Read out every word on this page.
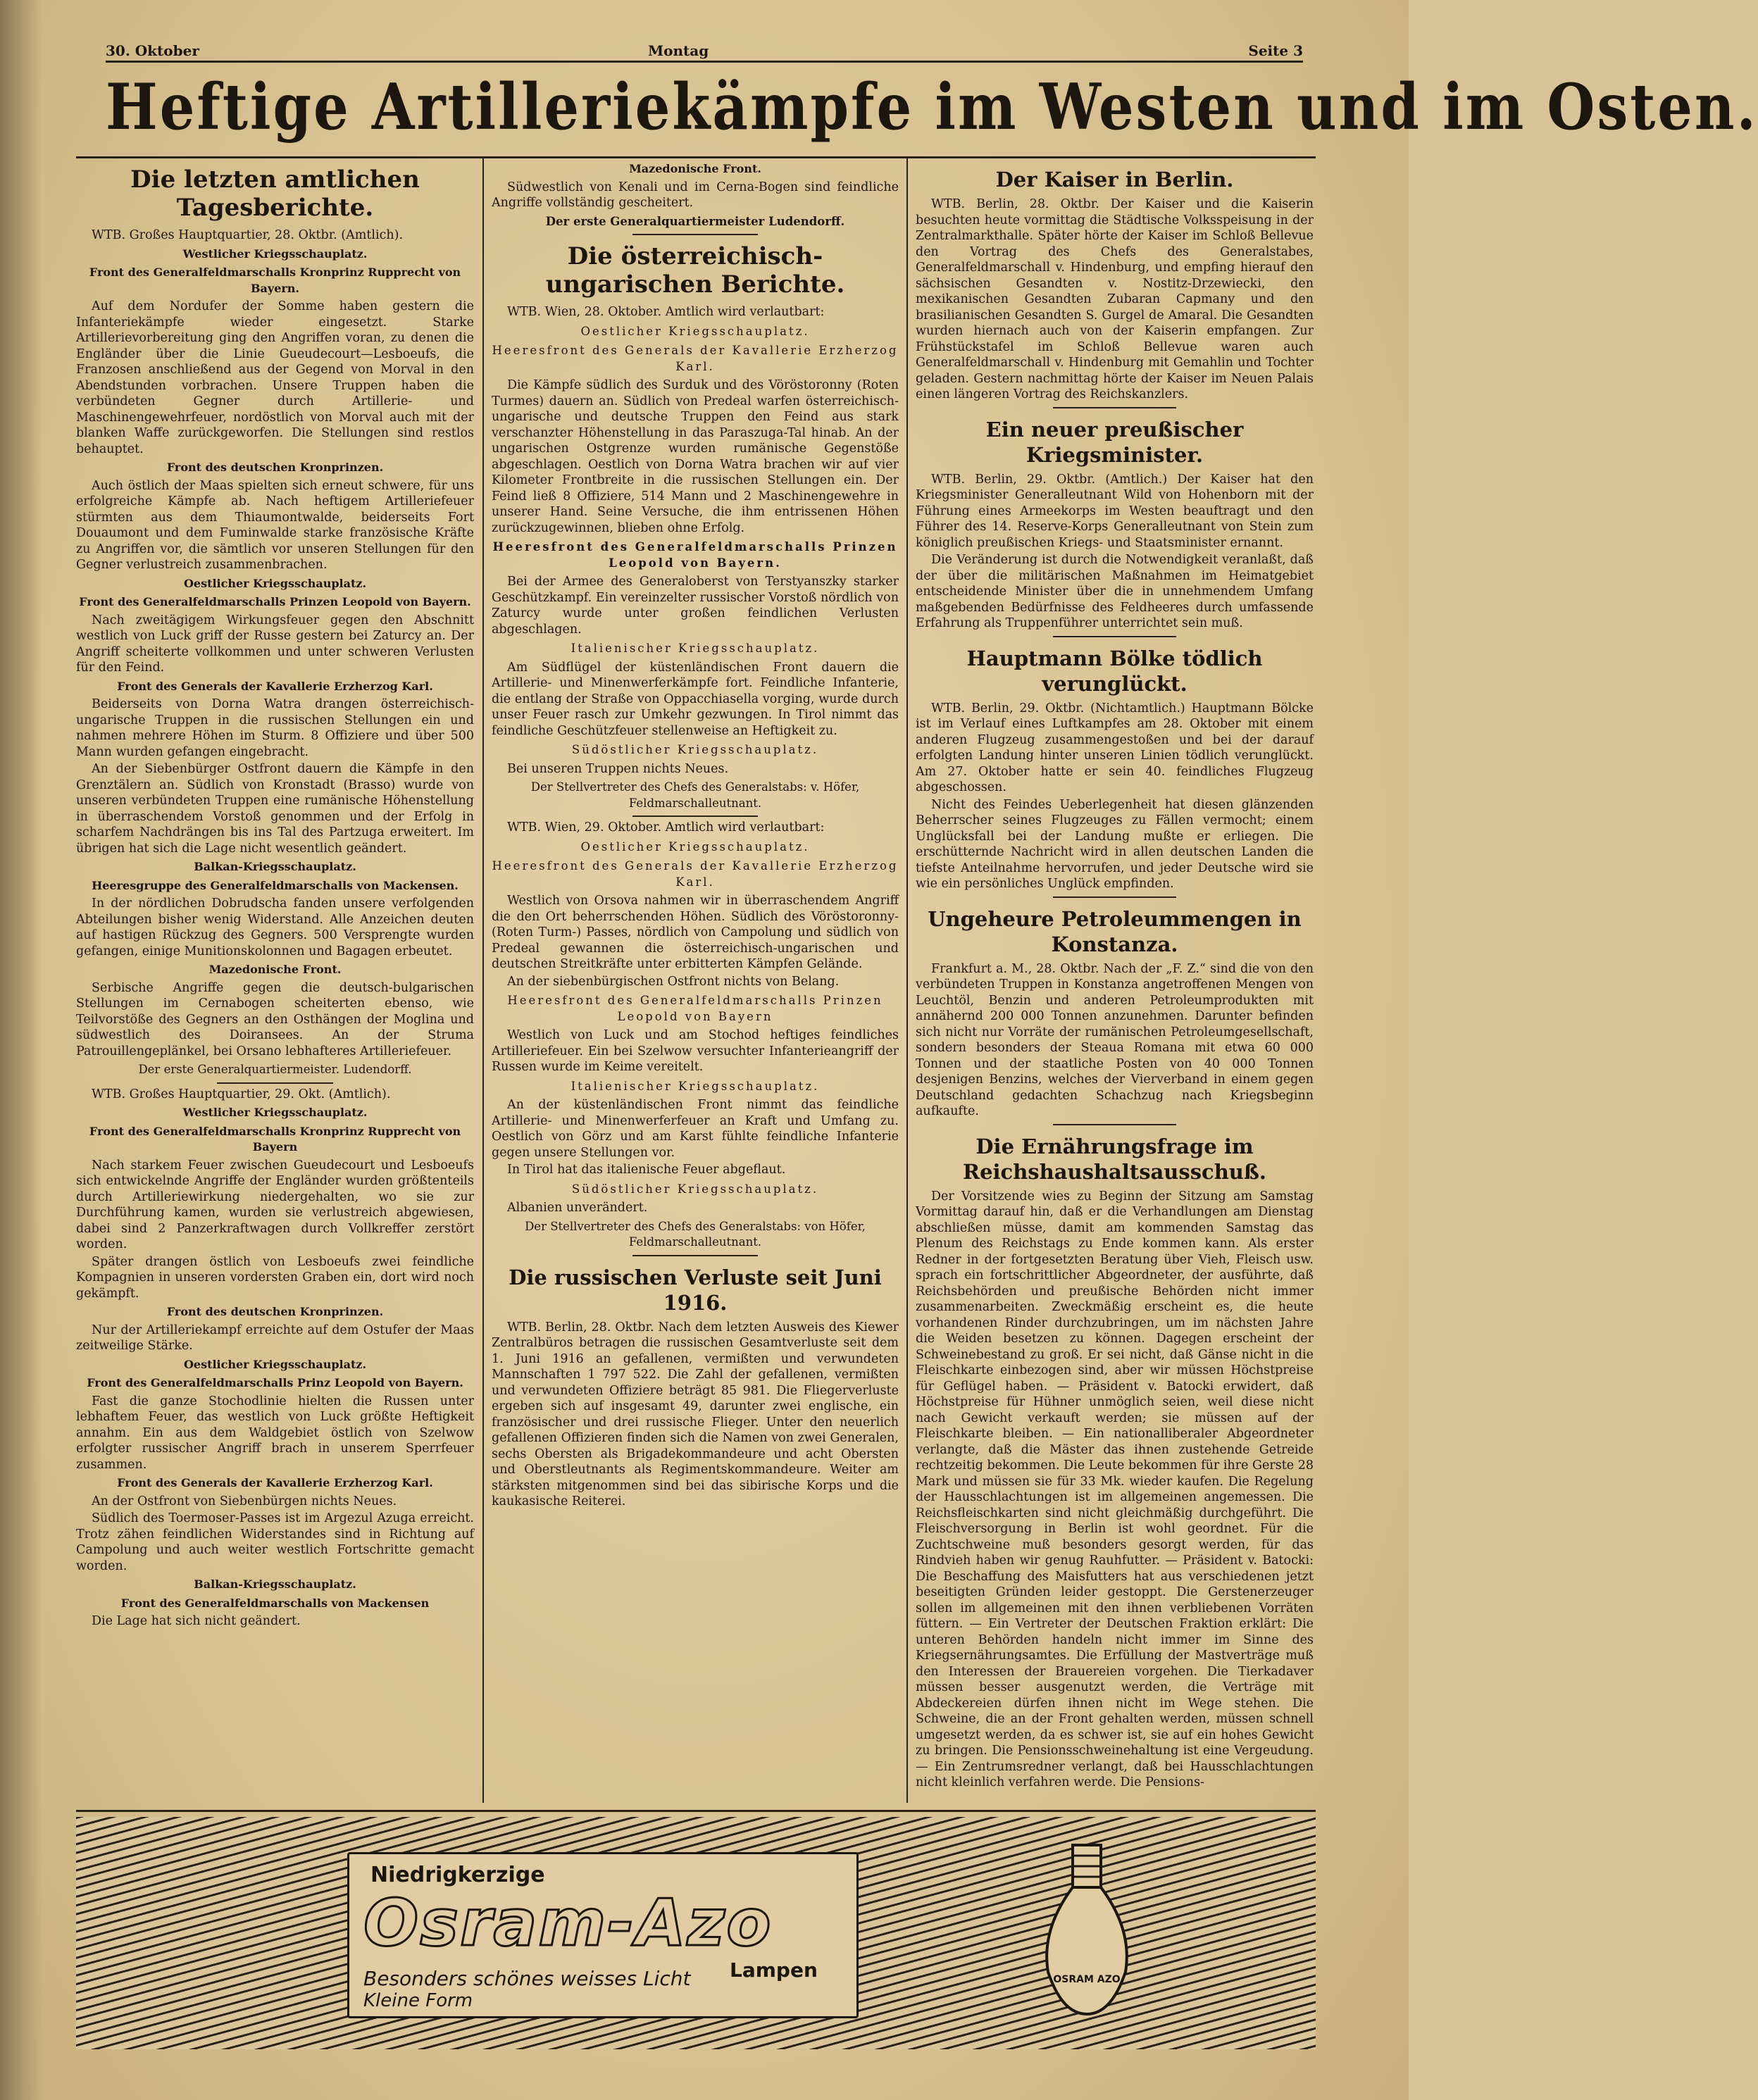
30. Oktober	Montag	Seite 3
Heftige Artilleriekämpfe im Westen und im Osten.
Die letzten amtlichen Tagesberichte.

WTB. Großes Hauptquartier, 28. Oktbr. (Amtlich).

Westlicher Kriegsschauplatz.

Front des Generalfeldmarschalls Kronprinz Rupprecht von Bayern.

Auf dem Nordufer der Somme haben gestern die Infanteriekämpfe wieder eingesetzt. Starke Artillerievorbereitung ging den Angriffen voran, zu denen die Engländer über die Linie Gueudecourt—Lesboeufs, die Franzosen anschließend aus der Gegend von Morval in den Abendstunden vorbrachen. Unsere Truppen haben die verbündeten Gegner durch Artillerie- und Maschinengewehrfeuer, nordöstlich von Morval auch mit der blanken Waffe zurückgeworfen. Die Stellungen sind restlos behauptet.

Front des deutschen Kronprinzen.

Auch östlich der Maas spielten sich erneut schwere, für uns erfolgreiche Kämpfe ab. Nach heftigem Artilleriefeuer stürmten aus dem Thiaumontwalde, beiderseits Fort Douaumont und dem Fuminwalde starke französische Kräfte zu Angriffen vor, die sämtlich vor unseren Stellungen für den Gegner verlustreich zusammenbrachen.

Oestlicher Kriegsschauplatz.

Front des Generalfeldmarschalls Prinzen Leopold von Bayern.

Nach zweitägigem Wirkungsfeuer gegen den Abschnitt westlich von Luck griff der Russe gestern bei Zaturcy an. Der Angriff scheiterte vollkommen und unter schweren Verlusten für den Feind.

Front des Generals der Kavallerie Erzherzog Karl.

Beiderseits von Dorna Watra drangen österreichisch-ungarische Truppen in die russischen Stellungen ein und nahmen mehrere Höhen im Sturm. 8 Offiziere und über 500 Mann wurden gefangen eingebracht.

An der Siebenbürger Ostfront dauern die Kämpfe in den Grenztälern an. Südlich von Kronstadt (Brasso) wurde von unseren verbündeten Truppen eine rumänische Höhenstellung in überraschendem Vorstoß genommen und der Erfolg in scharfem Nachdrängen bis ins Tal des Partzuga erweitert. Im übrigen hat sich die Lage nicht wesentlich geändert.

Balkan-Kriegsschauplatz.

Heeresgruppe des Generalfeldmarschalls von Mackensen.

In der nördlichen Dobrudscha fanden unsere verfolgenden Abteilungen bisher wenig Widerstand. Alle Anzeichen deuten auf hastigen Rückzug des Gegners. 500 Versprengte wurden gefangen, einige Munitionskolonnen und Bagagen erbeutet.

Mazedonische Front.

Serbische Angriffe gegen die deutsch-bulgarischen Stellungen im Cernabogen scheiterten ebenso, wie Teilvorstöße des Gegners an den Osthängen der Moglina und südwestlich des Doiransees. An der Struma Patrouillengeplänkel, bei Orsano lebhafteres Artilleriefeuer.

Der erste Generalquartiermeister. Ludendorff.

WTB. Großes Hauptquartier, 29. Okt. (Amtlich).

Westlicher Kriegsschauplatz.

Front des Generalfeldmarschalls Kronprinz Rupprecht von Bayern

Nach starkem Feuer zwischen Gueudecourt und Lesboeufs sich entwickelnde Angriffe der Engländer wurden größtenteils durch Artilleriewirkung niedergehalten, wo sie zur Durchführung kamen, wurden sie verlustreich abgewiesen, dabei sind 2 Panzerkraftwagen durch Vollkreffer zerstört worden.

Später drangen östlich von Lesboeufs zwei feindliche Kompagnien in unseren vordersten Graben ein, dort wird noch gekämpft.

Front des deutschen Kronprinzen.

Nur der Artilleriekampf erreichte auf dem Ostufer der Maas zeitweilige Stärke.

Oestlicher Kriegsschauplatz.

Front des Generalfeldmarschalls Prinz Leopold von Bayern.

Fast die ganze Stochodlinie hielten die Russen unter lebhaftem Feuer, das westlich von Luck größte Heftigkeit annahm. Ein aus dem Waldgebiet östlich von Szelwow erfolgter russischer Angriff brach in unserem Sperrfeuer zusammen.

Front des Generals der Kavallerie Erzherzog Karl.

An der Ostfront von Siebenbürgen nichts Neues.

Südlich des Toermoser-Passes ist im Argezul Azuga erreicht. Trotz zähen feindlichen Widerstandes sind in Richtung auf Campolung und auch weiter westlich Fortschritte gemacht worden.

Balkan-Kriegsschauplatz.

Front des Generalfeldmarschalls von Mackensen

Die Lage hat sich nicht geändert.

Mazedonische Front.

Südwestlich von Kenali und im Cerna-Bogen sind feindliche Angriffe vollständig gescheitert.

Der erste Generalquartiermeister Ludendorff.

Die österreichisch-ungarischen Berichte.

WTB. Wien, 28. Oktober. Amtlich wird verlautbart:

Oestlicher Kriegsschauplatz.

Heeresfront des Generals der Kavallerie Erzherzog Karl.

Die Kämpfe südlich des Surduk und des Vöröstoronny (Roten Turmes) dauern an. Südlich von Predeal warfen österreichisch-ungarische und deutsche Truppen den Feind aus stark verschanzter Höhenstellung in das Paraszuga-Tal hinab. An der ungarischen Ostgrenze wurden rumänische Gegenstöße abgeschlagen. Oestlich von Dorna Watra brachen wir auf vier Kilometer Frontbreite in die russischen Stellungen ein. Der Feind ließ 8 Offiziere, 514 Mann und 2 Maschinengewehre in unserer Hand. Seine Versuche, die ihm entrissenen Höhen zurückzugewinnen, blieben ohne Erfolg.

Heeresfront des Generalfeldmarschalls Prinzen Leopold von Bayern.

Bei der Armee des Generaloberst von Terstyanszky starker Geschützkampf. Ein vereinzelter russischer Vorstoß nördlich von Zaturcy wurde unter großen feindlichen Verlusten abgeschlagen.

Italienischer Kriegsschauplatz.

Am Südflügel der küstenländischen Front dauern die Artillerie- und Minenwerferkämpfe fort. Feindliche Infanterie, die entlang der Straße von Oppacchiasella vorging, wurde durch unser Feuer rasch zur Umkehr gezwungen. In Tirol nimmt das feindliche Geschützfeuer stellenweise an Heftigkeit zu.

Südöstlicher Kriegsschauplatz.

Bei unseren Truppen nichts Neues.

Der Stellvertreter des Chefs des Generalstabs: v. Höfer, Feldmarschalleutnant.

WTB. Wien, 29. Oktober. Amtlich wird verlautbart:

Oestlicher Kriegsschauplatz.

Heeresfront des Generals der Kavallerie Erzherzog Karl.

Westlich von Orsova nahmen wir in überraschendem Angriff die den Ort beherrschenden Höhen. Südlich des Vöröstoronny- (Roten Turm-) Passes, nördlich von Campolung und südlich von Predeal gewannen die österreichisch-ungarischen und deutschen Streitkräfte unter erbitterten Kämpfen Gelände.

An der siebenbürgischen Ostfront nichts von Belang.

Heeresfront des Generalfeldmarschalls Prinzen Leopold von Bayern

Westlich von Luck und am Stochod heftiges feindliches Artilleriefeuer. Ein bei Szelwow versuchter Infanterieangriff der Russen wurde im Keime vereitelt.

Italienischer Kriegsschauplatz.

An der küstenländischen Front nimmt das feindliche Artillerie- und Minenwerferfeuer an Kraft und Umfang zu. Oestlich von Görz und am Karst fühlte feindliche Infanterie gegen unsere Stellungen vor.

In Tirol hat das italienische Feuer abgeflaut.

Südöstlicher Kriegsschauplatz.

Albanien unverändert.

Der Stellvertreter des Chefs des Generalstabs: von Höfer, Feldmarschalleutnant.

Die russischen Verluste seit Juni 1916.

WTB. Berlin, 28. Oktbr. Nach dem letzten Ausweis des Kiewer Zentralbüros betragen die russischen Gesamtverluste seit dem 1. Juni 1916 an gefallenen, vermißten und verwundeten Mannschaften 1 797 522. Die Zahl der gefallenen, vermißten und verwundeten Offiziere beträgt 85 981. Die Fliegerverluste ergeben sich auf insgesamt 49, darunter zwei englische, ein französischer und drei russische Flieger. Unter den neuerlich gefallenen Offizieren finden sich die Namen von zwei Generalen, sechs Obersten als Brigadekommandeure und acht Obersten und Oberstleutnants als Regimentskommandeure. Weiter am stärksten mitgenommen sind bei das sibirische Korps und die kaukasische Reiterei.

Der Kaiser in Berlin.

WTB. Berlin, 28. Oktbr. Der Kaiser und die Kaiserin besuchten heute vormittag die Städtische Volksspeisung in der Zentralmarkthalle. Später hörte der Kaiser im Schloß Bellevue den Vortrag des Chefs des Generalstabes, Generalfeldmarschall v. Hindenburg, und empfing hierauf den sächsischen Gesandten v. Nostitz-Drzewiecki, den mexikanischen Gesandten Zubaran Capmany und den brasilianischen Gesandten S. Gurgel de Amaral. Die Gesandten wurden hiernach auch von der Kaiserin empfangen. Zur Frühstückstafel im Schloß Bellevue waren auch Generalfeldmarschall v. Hindenburg mit Gemahlin und Tochter geladen. Gestern nachmittag hörte der Kaiser im Neuen Palais einen längeren Vortrag des Reichskanzlers.

Ein neuer preußischer Kriegsminister.

WTB. Berlin, 29. Oktbr. (Amtlich.) Der Kaiser hat den Kriegsminister Generalleutnant Wild von Hohenborn mit der Führung eines Armeekorps im Westen beauftragt und den Führer des 14. Reserve-Korps Generalleutnant von Stein zum königlich preußischen Kriegs- und Staatsminister ernannt.

Die Veränderung ist durch die Notwendigkeit veranlaßt, daß der über die militärischen Maßnahmen im Heimatgebiet entscheidende Minister über die in unnehmendem Umfang maßgebenden Bedürfnisse des Feldheeres durch umfassende Erfahrung als Truppenführer unterrichtet sein muß.

Hauptmann Bölke tödlich verunglückt.

WTB. Berlin, 29. Oktbr. (Nichtamtlich.) Hauptmann Bölcke ist im Verlauf eines Luftkampfes am 28. Oktober mit einem anderen Flugzeug zusammengestoßen und bei der darauf erfolgten Landung hinter unseren Linien tödlich verunglückt. Am 27. Oktober hatte er sein 40. feindliches Flugzeug abgeschossen.

Nicht des Feindes Ueberlegenheit hat diesen glänzenden Beherrscher seines Flugzeuges zu Fällen vermocht; einem Unglücksfall bei der Landung mußte er erliegen. Die erschütternde Nachricht wird in allen deutschen Landen die tiefste Anteilnahme hervorrufen, und jeder Deutsche wird sie wie ein persönliches Unglück empfinden.

Ungeheure Petroleummengen in Konstanza.

Frankfurt a. M., 28. Oktbr. Nach der „F. Z.“ sind die von den verbündeten Truppen in Konstanza angetroffenen Mengen von Leuchtöl, Benzin und anderen Petroleumprodukten mit annähernd 200 000 Tonnen anzunehmen. Darunter befinden sich nicht nur Vorräte der rumänischen Petroleumgesellschaft, sondern besonders der Steaua Romana mit etwa 60 000 Tonnen und der staatliche Posten von 40 000 Tonnen desjenigen Benzins, welches der Vierverband in einem gegen Deutschland gedachten Schachzug nach Kriegsbeginn aufkaufte.

Die Ernährungsfrage im Reichshaushaltsausschuß.

Der Vorsitzende wies zu Beginn der Sitzung am Samstag Vormittag darauf hin, daß er die Verhandlungen am Dienstag abschließen müsse, damit am kommenden Samstag das Plenum des Reichstags zu Ende kommen kann. Als erster Redner in der fortgesetzten Beratung über Vieh, Fleisch usw. sprach ein fortschrittlicher Abgeordneter, der ausführte, daß Reichsbehörden und preußische Behörden nicht immer zusammenarbeiten. Zweckmäßig erscheint es, die heute vorhandenen Rinder durchzubringen, um im nächsten Jahre die Weiden besetzen zu können. Dagegen erscheint der Schweinebestand zu groß. Er sei nicht, daß Gänse nicht in die Fleischkarte einbezogen sind, aber wir müssen Höchstpreise für Geflügel haben. — Präsident v. Batocki erwidert, daß Höchstpreise für Hühner unmöglich seien, weil diese nicht nach Gewicht verkauft werden; sie müssen auf der Fleischkarte bleiben. — Ein nationalliberaler Abgeordneter verlangte, daß die Mäster das ihnen zustehende Getreide rechtzeitig bekommen. Die Leute bekommen für ihre Gerste 28 Mark und müssen sie für 33 Mk. wieder kaufen. Die Regelung der Hausschlachtungen ist im allgemeinen angemessen. Die Reichsfleischkarten sind nicht gleichmäßig durchgeführt. Die Fleischversorgung in Berlin ist wohl geordnet. Für die Zuchtschweine muß besonders gesorgt werden, für das Rindvieh haben wir genug Rauhfutter. — Präsident v. Batocki: Die Beschaffung des Maisfutters hat aus verschiedenen jetzt beseitigten Gründen leider gestoppt. Die Gerstenerzeuger sollen im allgemeinen mit den ihnen verbliebenen Vorräten füttern. — Ein Vertreter der Deutschen Fraktion erklärt: Die unteren Behörden handeln nicht immer im Sinne des Kriegsernährungsamtes. Die Erfüllung der Mastverträge muß den Interessen der Brauereien vorgehen. Die Tierkadaver müssen besser ausgenutzt werden, die Verträge mit Abdeckereien dürfen ihnen nicht im Wege stehen. Die Schweine, die an der Front gehalten werden, müssen schnell umgesetzt werden, da es schwer ist, sie auf ein hohes Gewicht zu bringen. Die Pensionsschweinehaltung ist eine Vergeudung. — Ein Zentrumsredner verlangt, daß bei Hausschlachtungen nicht kleinlich verfahren werde. Die Pensions-

Niedrigkerzige
Osram-Azo
Lampen
Besonders schönes weisses Licht
Kleine Form
OSRAM AZO
